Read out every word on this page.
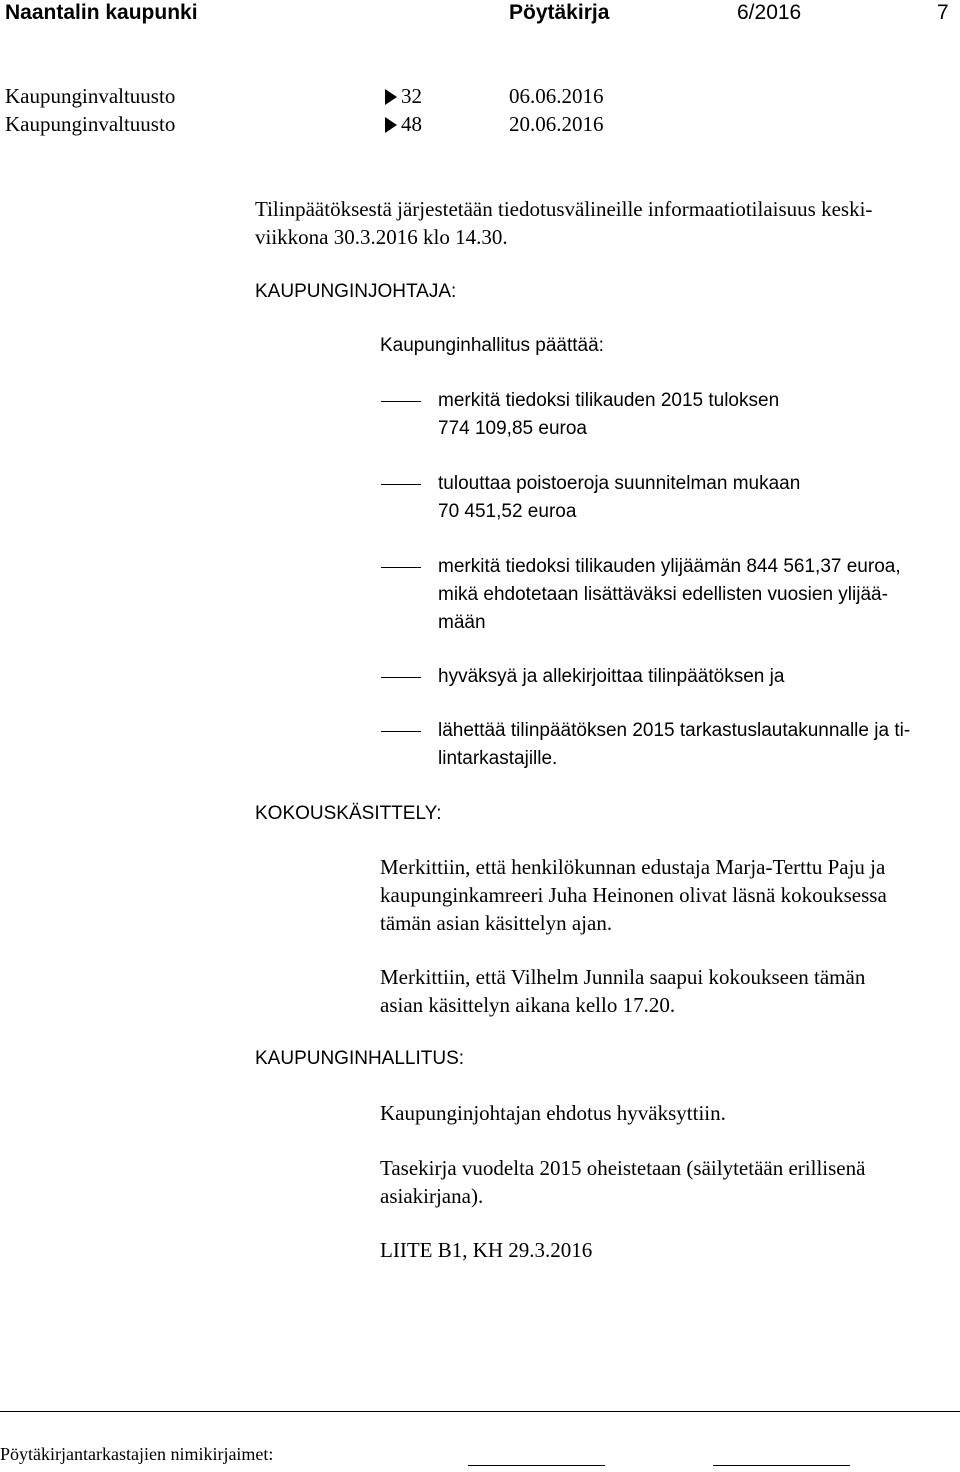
Naantalin kaupunki	Pöytäkirja	6/2016	7
Kaupunginvaltuusto	32	06.06.2016
Kaupunginvaltuusto	48	20.06.2016
Tilinpäätöksestä järjestetään tiedotusvälineille informaatiotilaisuus keski-
viikkona 30.3.2016 klo 14.30.
KAUPUNGINJOHTAJA:
Kaupunginhallitus päättää:
merkitä tiedoksi tilikauden 2015 tuloksen
774 109,85 euroa
tulouttaa poistoeroja suunnitelman mukaan
70 451,52 euroa
merkitä tiedoksi tilikauden ylijäämän 844 561,37 euroa,
mikä ehdotetaan lisättäväksi edellisten vuosien ylijää-
mään
hyväksyä ja allekirjoittaa tilinpäätöksen ja
lähettää tilinpäätöksen 2015 tarkastuslautakunnalle ja ti-
lintarkastajille.
KOKOUSKÄSITTELY:
Merkittiin, että henkilökunnan edustaja Marja-Terttu Paju ja
kaupunginkamreeri Juha Heinonen olivat läsnä kokouksessa
tämän asian käsittelyn ajan.
Merkittiin, että Vilhelm Junnila saapui kokoukseen tämän
asian käsittelyn aikana kello 17.20.
KAUPUNGINHALLITUS:
Kaupunginjohtajan ehdotus hyväksyttiin.
Tasekirja vuodelta 2015 oheistetaan (säilytetään erillisenä
asiakirjana).
LIITE B1, KH 29.3.2016
Pöytäkirjantarkastajien nimikirjaimet:
